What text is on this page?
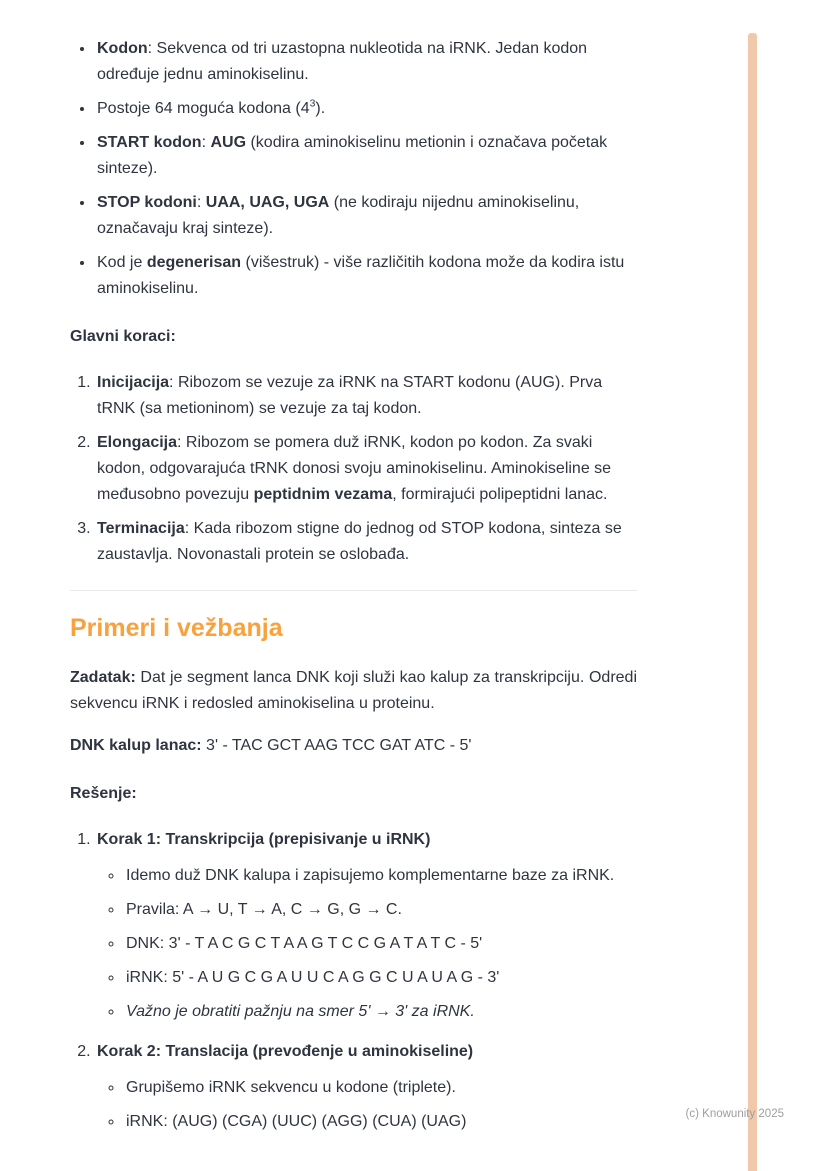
• Kodon: Sekvenca od tri uzastopna nukleotida na iRNK. Jedan kodon određuje jednu aminokiselinu.
• Postoje 64 moguća kodona $(4^3)$.
• START kodon: AUG (kodira aminokiselinu metionin i označava početak sinteze).
• STOP kodoni: UAA, UAG, UGA (ne kodiraju nijednu aminokiselinu, označavaju kraj sinteze).
• Kod je degenerisan (višestruk) - više različitih kodona može da kodira istu aminokiselinu.

Glavni koraci:

1. Inicijacija: Ribozom se vezuje za iRNK na START kodonu (AUG). Prva tRNK (sa metioninom) se vezuje za taj kodon.
2. Elongacija: Ribozom se pomera duž iRNK, kodon po kodon. Za svaki kodon, odgovarajuća tRNK donosi svoju aminokiselinu. Aminokiseline se međusobno povezuju peptidnim vezama, formirajući polipeptidni lanac.
3. Terminacija: Kada ribozom stigne do jednog od STOP kodona, sinteza se zaustavlja. Novonastali protein se oslobađa.
Primeri i vežbanja

Zadatak: Dat je segment lanca DNK koji služi kao kalup za transkripciju. Odredi sekvencu iRNK i redosled aminokiselina u proteinu.

DNK kalup lanac: 3' - TAC GCT AAG TCC GAT ATC - 5'

Rešenje:

1. Korak 1: Transkripcija (prepisivanje u iRNK)
◦ Idemo duž DNK kalupa i zapisujemo komplementarne baze za iRNK.
◦ Pravila: A → U, T → A, C → G, G → C.
◦ DNK: 3' - T A C G C T A A G T C C G A T A T C - 5'
◦ iRNK: 5' - A U G C G A U U C A G G C U A U A G - 3'
◦ Važno je obratiti pažnju na smer 5' → 3' za iRNK.
2. Korak 2: Translacija (prevođenje u aminokiseline)
◦ Grupišemo iRNK sekvencu u kodone (triplete).
◦ iRNK: (AUG) (CGA) (UUC) (AGG) (CUA) (UAG)	(c) Knowunity 2025
